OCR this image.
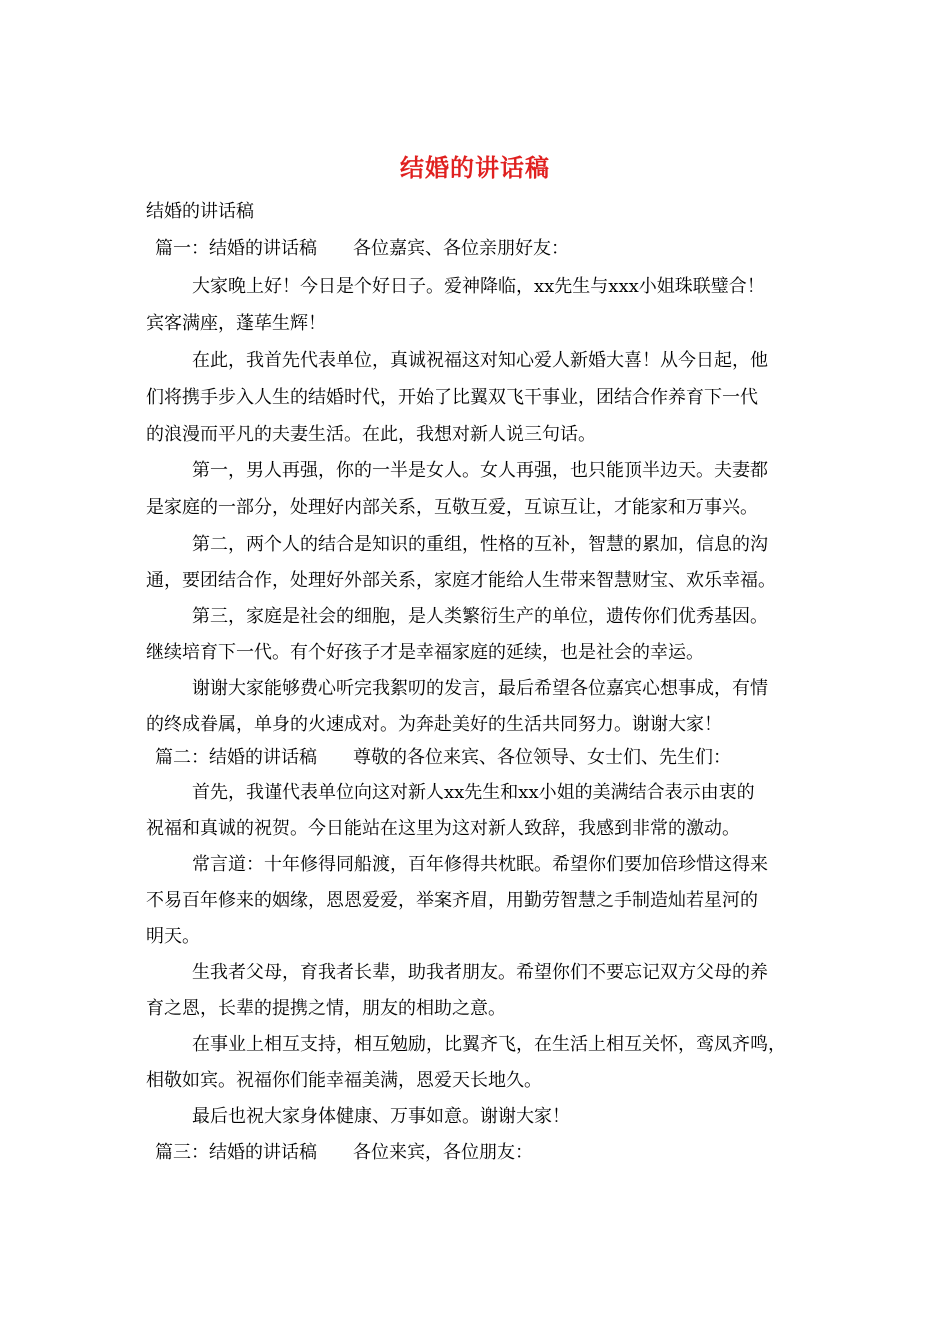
结婚的讲话稿
结婚的讲话稿
篇一：结婚的讲话稿　　各位嘉宾、各位亲朋好友：
大家晚上好！今日是个好日子。爱神降临，xx先生与xxx小姐珠联璧合！
宾客满座，蓬荜生辉！
在此，我首先代表单位，真诚祝福这对知心爱人新婚大喜！从今日起，他
们将携手步入人生的结婚时代，开始了比翼双飞干事业，团结合作养育下一代
的浪漫而平凡的夫妻生活。在此，我想对新人说三句话。
第一，男人再强，你的一半是女人。女人再强，也只能顶半边天。夫妻都
是家庭的一部分，处理好内部关系，互敬互爱，互谅互让，才能家和万事兴。
第二，两个人的结合是知识的重组，性格的互补，智慧的累加，信息的沟
通，要团结合作，处理好外部关系，家庭才能给人生带来智慧财宝、欢乐幸福。
第三，家庭是社会的细胞，是人类繁衍生产的单位，遗传你们优秀基因。
继续培育下一代。有个好孩子才是幸福家庭的延续，也是社会的幸运。
谢谢大家能够费心听完我絮叨的发言，最后希望各位嘉宾心想事成，有情
的终成眷属，单身的火速成对。为奔赴美好的生活共同努力。谢谢大家！
篇二：结婚的讲话稿　　尊敬的各位来宾、各位领导、女士们、先生们：
首先，我谨代表单位向这对新人xx先生和xx小姐的美满结合表示由衷的
祝福和真诚的祝贺。今日能站在这里为这对新人致辞，我感到非常的激动。
常言道：十年修得同船渡，百年修得共枕眠。希望你们要加倍珍惜这得来
不易百年修来的姻缘，恩恩爱爱，举案齐眉，用勤劳智慧之手制造灿若星河的
明天。
生我者父母，育我者长辈，助我者朋友。希望你们不要忘记双方父母的养
育之恩，长辈的提携之情，朋友的相助之意。
在事业上相互支持，相互勉励，比翼齐飞，在生活上相互关怀，鸾凤齐鸣，
相敬如宾。祝福你们能幸福美满，恩爱天长地久。
最后也祝大家身体健康、万事如意。谢谢大家！
篇三：结婚的讲话稿　　各位来宾，各位朋友：
